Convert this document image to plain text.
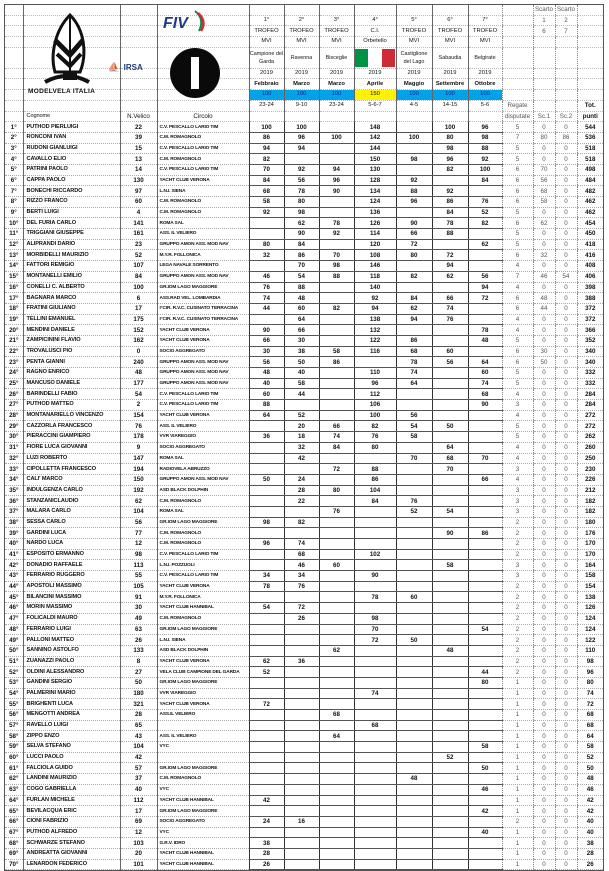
												Scarto	Scarto	
				1°	2°	3°	4°	5°	6°	7°		1	2	
				TROFEO	TROFEO	TROFEO	C.I.	TROFEO	TROFEO	TROFEO		6	7	
				MVI	MVI	MVI	Orbetello	MVI	MVI	MVI				
				Campione del Garda	Ravenna	Bisceglie		Castiglione del Lago	Sabaudia	Belgirate				
				2019	2019	2019	2019	2019	2019	2019				
				Febbraio	Marzo	Marzo	Aprile	Maggio	Settembre	Ottobre				
				100	100	100	150	100	100	100				
				23-24	9-10	23-24	5-6-7	4-5	14-15	5-6	Regate			Tot.
	Cognome	N.Velico	Circolo								disputate	Sc.1	Sc.2	punti
1°	PUTHOD PIERLUIGI	22	C.V. PESCALLO LARIO TIM	100	100		148		100	96	5	0	0	544
2°	RONCONI IVAN	39	C.M. ROMAGNOLO	86	96	100	142	100	80	98	7	80	86	536
3°	RUDONI GIANLUIGI	15	C.V. PESCALLO LARIO TIM	94	94		144		98	88	5	0	0	518
4°	CAVALLO ELIO	13	C.M. ROMAGNOLO	82			150	98	96	92	5	0	0	518
5°	PATRINI PAOLO	14	C.V. PESCALLO LARIO TIM	70	92	94	130		82	100	6	70	0	498
6°	CAPPA PAOLO	130	YACHT CLUB VERONA	84	56	96	128	92		84	6	56	0	484
7°	BONECHI RICCARDO	97	L.N.I. SIENA	68	78	90	134	88	92		6	68	0	482
8°	RIZZO FRANCO	60	C.M. ROMAGNOLO	58	80		124	96	86	76	6	58	0	462
9°	BERTI LUIGI	4	C.M. ROMAGNOLO	92	98		136		84	52	5	0	0	462
10°	DEL FURIA CARLO	141	ROMA SAL		62	78	126	90	78	82	6	62	0	454
11°	TRIGGIANI GIUSEPPE	161	ASS. IL VELIERO		90	92	114	66	88		5	0	0	450
12°	ALIPRANDI DARIO	23	GRUPPO AMON ASS. MOD NAV	80	84		120	72		62	5	0	0	418
13°	MORBIDELLI MAURIZIO	52	M.Y.R. FOLLONICA	32	86	70	108	80	72		6	32	0	416
14°	FATTORI REMIGIO	107	LEGA NAVALE SORRENTO		70	98	146		94		4	0	0	408
15°	MONTANELLI EMILIO	84	GRUPPO AMON ASS. MOD NAV	46	54	88	118	82	62	56	7	46	54	406
16°	CONELLI C. ALBERTO	100	GR.IOM LAGO MAGGIORE	76	88		140			94	4	0	0	398
17°	BAGNARA MARCO	6	ASS.RAD VEL. LOMBARDIA	74	48		92	84	66	72	6	48	0	388
18°	FRATINI GIULIANO	17	I°CIR. R.V.C. CUSINATO TERRACINA	44	60	82	94	62	74		6	44	0	372
19°	TELLINI EMANUEL	175	I°CIR. R.V.C. CUSINATO TERRACINA		64		138	94	76		4	0	0	372
20°	MENDINI DANIELE	152	YACHT CLUB VERONA	90	66		132			78	4	0	0	366
21°	ZAMPICININI FLAVIO	162	YACHT CLUB VERONA	66	30		122	86		48	5	0	0	352
22°	TROVALUSCI PIO	0	SOCIO AGGREGATO	30	38	58	116	68	60		6	30	0	340
23°	PENTA GIANNI	240	GRUPPO AMON ASS. MOD NAV	56	50	86		78	56	64	6	50	0	340
24°	RAGNO ENRICO	48	GRUPPO AMON ASS. MOD NAV	48	40		110	74		60	5	0	0	332
25°	MANCUSO DANIELE	177	GRUPPO AMON ASS. MOD NAV	40	58		96	64		74	5	0	0	332
26°	BARINDELLI FABIO	54	C.V. PESCALLO LARIO TIM	60	44		112			68	4	0	0	284
27°	PUTHOD MATTEO	2	C.V. PESCALLO LARIO TIM	88			106			90	3	0	0	284
28°	MONTANARIELLO VINCENZO	154	YACHT CLUB VERONA	64	52		100	56			4	0	0	272
29°	CAZZORLA FRANCESCO	76	ASS. IL VELIERO		20	66	82	54	50		5	0	0	272
30°	PIERACCINI GIAMPIERO	178	VVR VIAREGGIO	36	18	74	76	58			5	0	0	262
31°	FIORE LUCA GIOVANNI	9	SOCIO AGGREGATO		32	84	80		64		4	0	0	260
32°	LUZI ROBERTO	147	ROMA SAL		42			70	68	70	4	0	0	250
33°	CIPOLLETTA FRANCESCO	194	RADIOVELA ABRUZZO			72	88		70		3	0	0	230
34°	CALI' MARCO	150	GRUPPO AMON ASS. MOD NAV	50	24		86			66	4	0	0	226
35°	INDULGENZA CARLO	192	ASD BLACK DOLPHIN		28	80	104				3	0	0	212
36°	STANZANICLAUDIO	62	C.M. ROMAGNOLO		22		84	76			3	0	0	182
37°	MALARA CARLO	104	ROMA SAL			76		52	54		3	0	0	182
38°	SESSA CARLO	56	GR.IOM LAGO MAGGIORE	98	82						2	0	0	180
39°	GARDINI LUCA	77	C.M. ROMAGNOLO						90	86	2	0	0	176
40°	NARDO LUCA	12	C.M. ROMAGNOLO	96	74						2	0	0	170
41°	ESPOSITO ERMANNO	98	C.V. PESCALLO LARIO TIM		68		102				2	0	0	170
42°	DONADIO RAFFAELE	113	L.N.I. POZZUOLI		46	60			58		3	0	0	164
43°	FERRARIO RUGGERO	55	C.V. PESCALLO LARIO TIM	34	34		90				3	0	0	158
44°	APOSTOLI MASSIMO	105	YACHT CLUB VERONA	78	76						2	0	0	154
45°	BILANCINI MASSIMO	91	M.Y.R. FOLLONICA				78	60			2	0	0	138
46°	MORIN MASSIMO	30	YACHT CLUB HANNIBAL	54	72						2	0	0	126
47°	FOLICALDI MAURO	49	C.M. ROMAGNOLO		26		98				2	0	0	124
48°	FERRARIO LUIGI	63	GR.IOM LAGO MAGGIORE				70			54	2	0	0	124
49°	PALLONI MATTEO	26	L.N.I. SIENA				72	50			2	0	0	122
50°	SANNINO ASTOLFO	133	ASD BLACK DOLPHIN			62			48		2	0	0	110
51°	ZUANAZZI PAOLO	8	YACHT CLUB VERONA	62	36						2	0	0	98
52°	OLDINI ALESSANDRO	27	VELA CLUB CAMPIONE DEL GARDA	52						44	2	0	0	96
53°	GANDINI SERGIO	50	GR.IOM LAGO MAGGIORE							80	1	0	0	80
54°	PALMERINI MARIO	180	VVR VIAREGGIO				74				1	0	0	74
55°	BRIGHENTI LUCA	321	YACHT CLUB VERONA	72							1	0	0	72
56°	MENGOTTI ANDREA	28	ASS.IL VELIERO			68					1	0	0	68
57°	RAVELLO LUIGI	65					68				1	0	0	68
58°	ZIPPO ENZO	43	ASS. IL VELIERO			64					1	0	0	64
59°	SELVA STEFANO	104	VYC							58	1	0	0	58
60°	LUCCI PAOLO	42							52		1	0	0	52
61°	FALCIOLA GUIDO	57	GR.IOM LAGO MAGGIORE							50	1	0	0	50
62°	LANDINI MAURIZIO	37	C.M. ROMAGNOLO					48			1	0	0	48
63°	COGO GABRIELLA	40	VYC							46	1	0	0	46
64°	FURLAN MICHELE	112	YACHT CLUB HANNIBAL	42							1	0	0	42
65°	BEVILACQUA ERIC	17	GR.IOM LAGO MAGGIORE							42	1	0	0	42
66°	CIONI FABRIZIO	69	SOCIO AGGREGATO	24	16						2	0	0	40
67°	PUTHOD ALFREDO	12	VYC							40	1	0	0	40
68°	SCHWARZE STEFANO	103	G.R.V. IDRO	38							1	0	0	38
69°	ANDREATTA GIOVANNI	20	YACHT CLUB HANNIBAL	28							1	0	0	28
70°	LENARDON FEDERICO	101	YACHT CLUB HANNIBAL	26							1	0	0	26
MODELVELA ITALIA
FIV
⛵ IRSA
